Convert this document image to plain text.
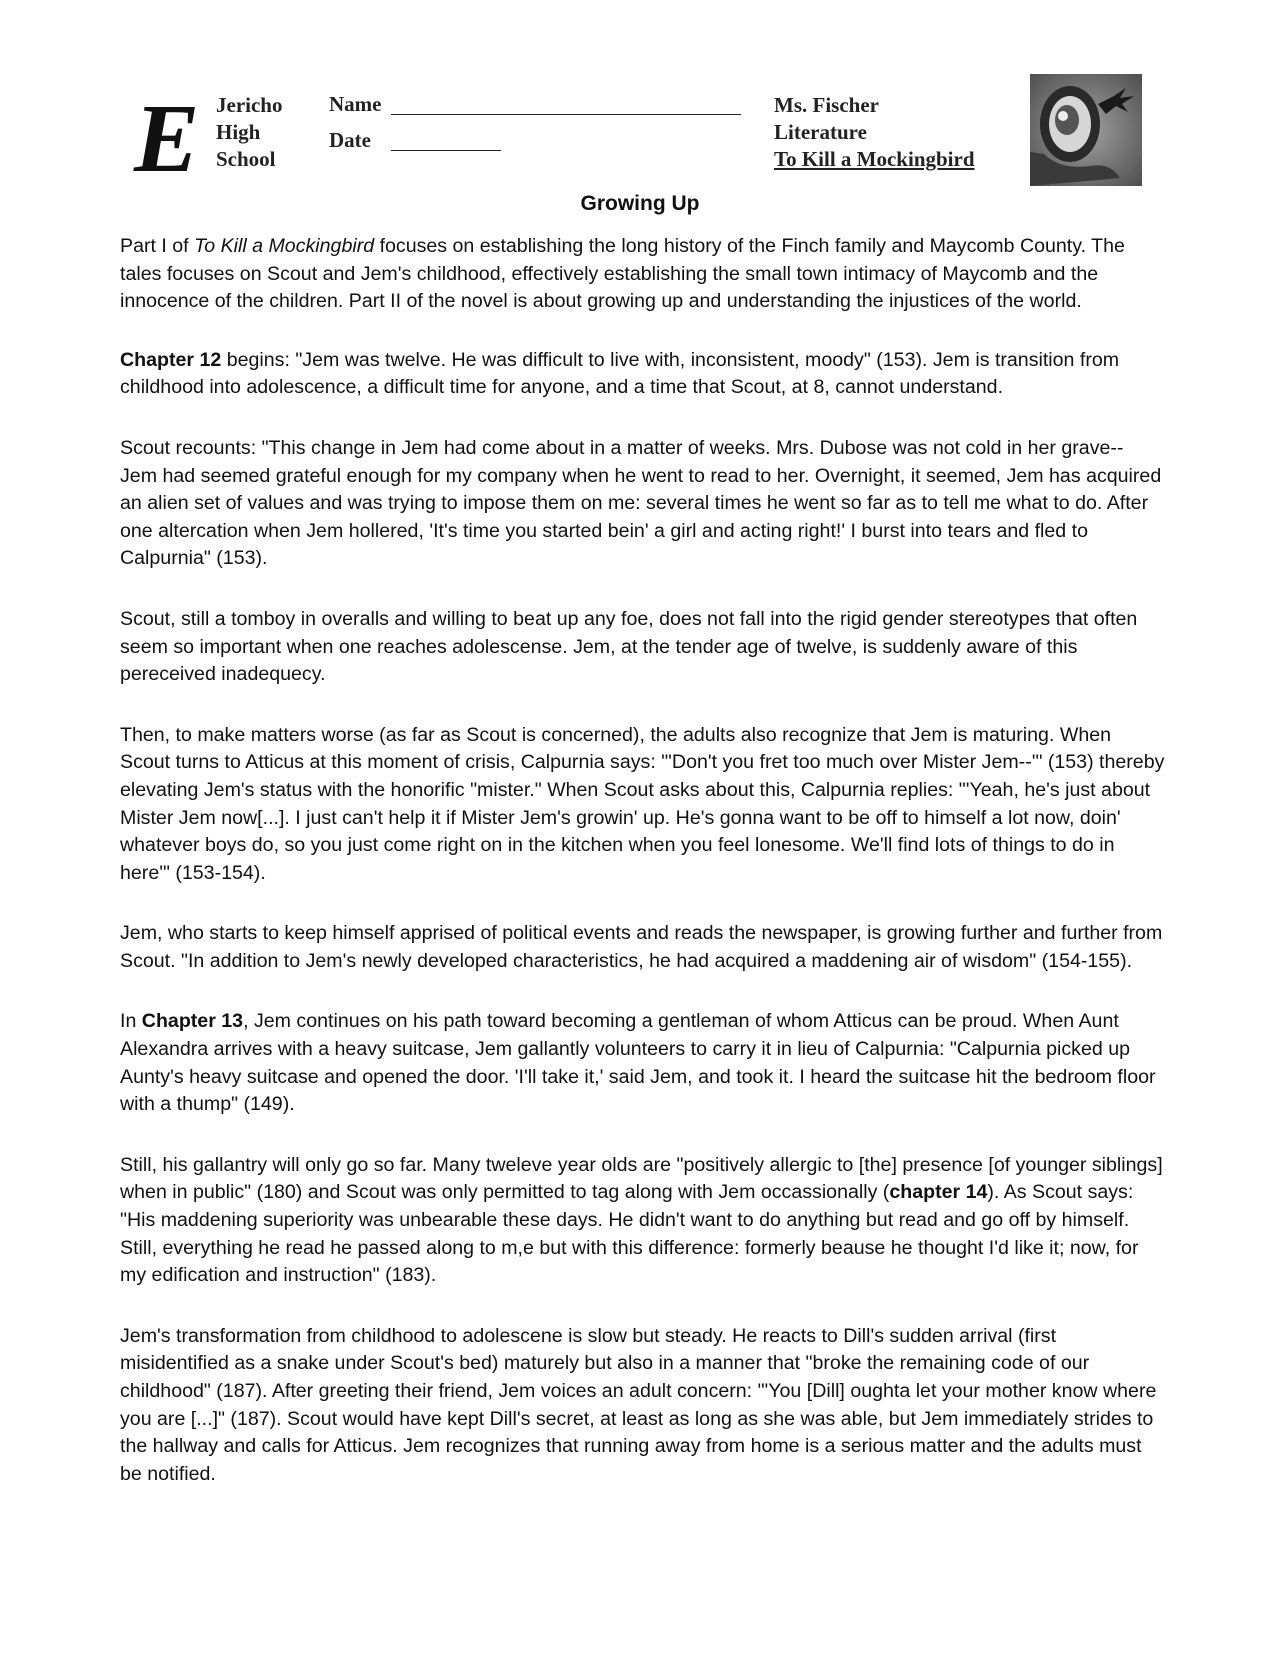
E Jericho
High
School
Name
Date
Ms. Fischer
Literature
To Kill a Mockingbird
Growing Up

Part I of To Kill a Mockingbird focuses on establishing the long history of the Finch family and Maycomb County. The tales focuses on Scout and Jem's childhood, effectively establishing the small town intimacy of Maycomb and the innocence of the children. Part II of the novel is about growing up and understanding the injustices of the world.

Chapter 12 begins: "Jem was twelve. He was difficult to live with, inconsistent, moody" (153). Jem is transition from childhood into adolescence, a difficult time for anyone, and a time that Scout, at 8, cannot understand.

Scout recounts: "This change in Jem had come about in a matter of weeks. Mrs. Dubose was not cold in her grave-- Jem had seemed grateful enough for my company when he went to read to her. Overnight, it seemed, Jem has acquired an alien set of values and was trying to impose them on me: several times he went so far as to tell me what to do. After one altercation when Jem hollered, 'It's time you started bein' a girl and acting right!' I burst into tears and fled to Calpurnia" (153).

Scout, still a tomboy in overalls and willing to beat up any foe, does not fall into the rigid gender stereotypes that often seem so important when one reaches adolescense. Jem, at the tender age of twelve, is suddenly aware of this pereceived inadequecy.

Then, to make matters worse (as far as Scout is concerned), the adults also recognize that Jem is maturing. When Scout turns to Atticus at this moment of crisis, Calpurnia says: "'Don't you fret too much over Mister Jem--'" (153) thereby elevating Jem's status with the honorific "mister." When Scout asks about this, Calpurnia replies: "'Yeah, he's just about Mister Jem now[...]. I just can't help it if Mister Jem's growin' up. He's gonna want to be off to himself a lot now, doin' whatever boys do, so you just come right on in the kitchen when you feel lonesome. We'll find lots of things to do in here'" (153-154).

Jem, who starts to keep himself apprised of political events and reads the newspaper, is growing further and further from Scout. "In addition to Jem's newly developed characteristics, he had acquired a maddening air of wisdom" (154-155).

In Chapter 13, Jem continues on his path toward becoming a gentleman of whom Atticus can be proud. When Aunt Alexandra arrives with a heavy suitcase, Jem gallantly volunteers to carry it in lieu of Calpurnia: "Calpurnia picked up Aunty's heavy suitcase and opened the door. 'I'll take it,' said Jem, and took it. I heard the suitcase hit the bedroom floor with a thump" (149).

Still, his gallantry will only go so far. Many tweleve year olds are "positively allergic to [the] presence [of younger siblings] when in public" (180) and Scout was only permitted to tag along with Jem occassionally (chapter 14). As Scout says: "His maddening superiority was unbearable these days. He didn't want to do anything but read and go off by himself. Still, everything he read he passed along to m,e but with this difference: formerly beause he thought I'd like it; now, for my edification and instruction" (183).

Jem's transformation from childhood to adolescene is slow but steady. He reacts to Dill's sudden arrival (first misidentified as a snake under Scout's bed) maturely but also in a manner that "broke the remaining code of our childhood" (187). After greeting their friend, Jem voices an adult concern: "'You [Dill] oughta let your mother know where you are [...]" (187). Scout would have kept Dill's secret, at least as long as she was able, but Jem immediately strides to the hallway and calls for Atticus. Jem recognizes that running away from home is a serious matter and the adults must be notified.
